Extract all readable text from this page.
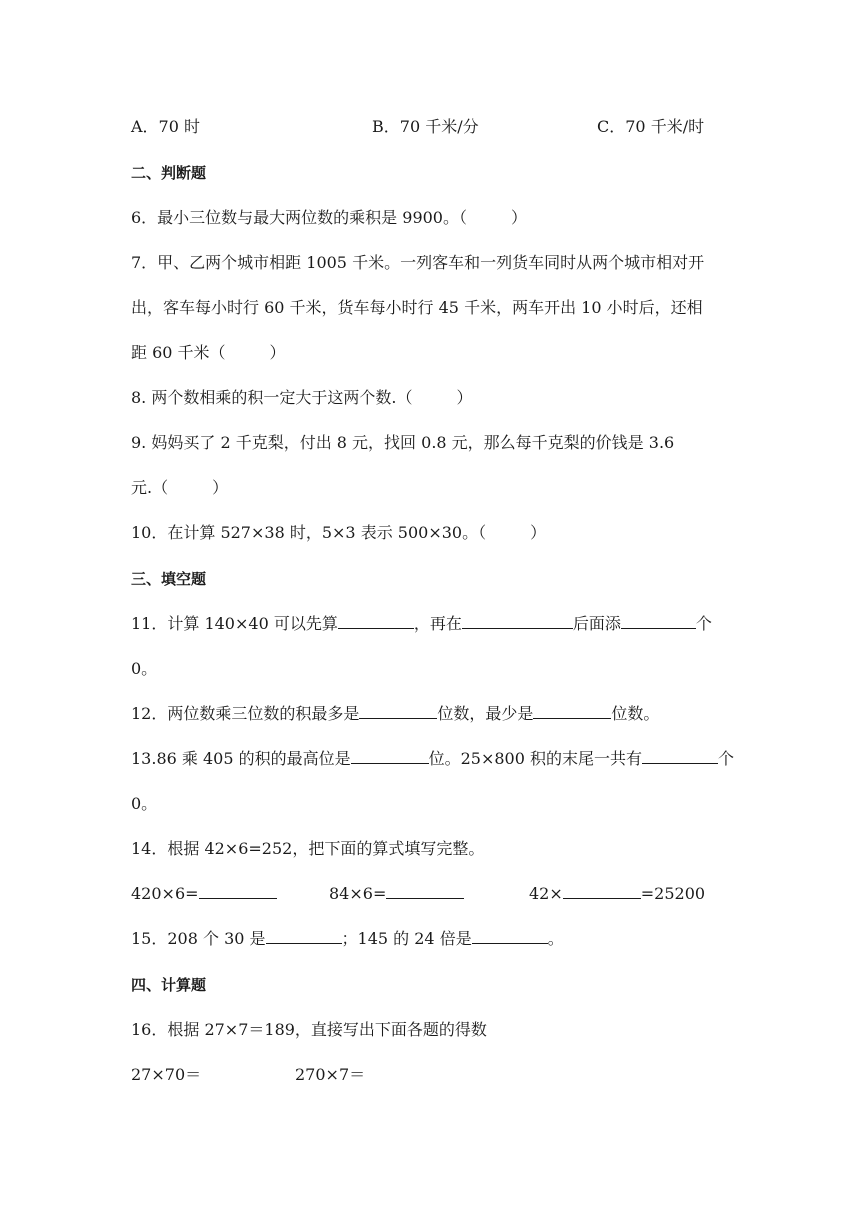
A．70 时	B．70 千米/分	C．70 千米/时
二、判断题
6．最小三位数与最大两位数的乘积是 9900。（	）
7．甲、乙两个城市相距 1005 千米。一列客车和一列货车同时从两个城市相对开
出，客车每小时行 60 千米，货车每小时行 45 千米，两车开出 10 小时后，还相
距 60 千米（	）
8. 两个数相乘的积一定大于这两个数.（	）
9. 妈妈买了 2 千克梨，付出 8 元，找回 0.8 元，那么每千克梨的价钱是 3.6
元.（	）
10．在计算 527×38 时，5×3 表示 500×30。（	）
三、填空题
11．计算 140×40 可以先算	，再在	后面添	个
0。
12．两位数乘三位数的积最多是	位数，最少是	位数。
13.86 乘 405 的积的最高位是	位。25×800 积的末尾一共有	个
0。
14．根据 42×6=252，把下面的算式填写完整。
420×6=	84×6=	42×	=25200
15．208 个 30 是	；145 的 24 倍是	。
四、计算题
16．根据 27×7＝189，直接写出下面各题的得数
27×70＝	270×7＝
